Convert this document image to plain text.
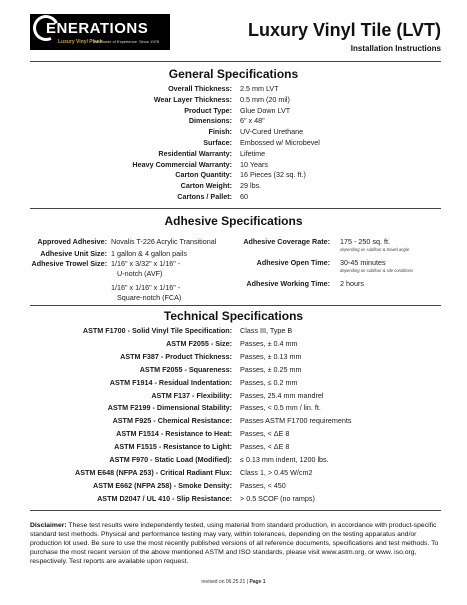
ENERATIONS
Luxury Vinyl Plank
The Power of Experience Since 1978
Luxury Vinyl Tile (LVT)
Installation Instructions
General Specifications
Overall Thickness: 2.5 mm LVT
Wear Layer Thickness: 0.5 mm (20 mil)
Product Type: Glue Down LVT
Dimensions: 6" x 48"
Finish: UV-Cured Urethane
Surface: Embossed w/ Microbevel
Residential Warranty: Lifetime
Heavy Commercial Warranty: 10 Years
Carton Quantity: 16 Pieces (32 sq. ft.)
Carton Weight: 29 lbs.
Cartons / Pallet: 60
Adhesive Specifications
Approved Adhesive: Novalis T-226 Acrylic Transitional
Adhesive Unit Size: 1 gallon & 4 gallon pails
Adhesive Trowel Size: 1/16" x 3/32" x 1/16" -
U-notch (AVF)
1/16" x 1/16" x 1/16" -
Square-notch (FCA)
Adhesive Coverage Rate: 175 - 250 sq. ft.
depending on subfloor & trowel angle
Adhesive Open Time: 30-45 minutes
depending on subfloor & site conditions
Adhesive Working Time: 2 hours
Technical Specifications
ASTM F1700 - Solid Vinyl Tile Specification: Class III, Type B
ASTM F2055 - Size: Passes, ± 0.4 mm
ASTM F387 - Product Thickness: Passes, ± 0.13 mm
ASTM F2055 - Squareness: Passes, ± 0.25 mm
ASTM F1914 - Residual Indentation: Passes, ≤ 0.2 mm
ASTM F137 - Flexibility: Passes, 25.4 mm mandrel
ASTM F2199 - Dimensional Stability: Passes, < 0.5 mm / lin. ft.
ASTM F925 - Chemical Resistance: Passes ASTM F1700 requirements
ASTM F1514 - Resistance to Heat: Passes, < ΔE 8
ASTM F1515 - Resistance to Light: Passes, < ΔE 8
ASTM F970 - Static Load (Modified): ≤ 0.13 mm indent, 1200 lbs.
ASTM E648 (NFPA 253) - Critical Radiant Flux: Class 1, > 0.45 W/cm2
ASTM E662 (NFPA 258) - Smoke Density: Passes, < 450
ASTM D2047 / UL 410 - Slip Resistance: > 0.5 SCOF (no ramps)
Disclaimer: These test results were independently tested, using material from standard production, in accordance with product-specific standard test methods. Physical and performance testing may vary, within tolerances, depending on the testing apparatus and/or production lot used. Be sure to use the most recently published versions of all reference documents, specifications and test methods. To purchase the most recent version of the above mentioned ASTM and ISO standards, please visit www.astm.org. or www. iso.org, respectively. Test reports are available upon request.
revised on 06.25.21 | Page 1
